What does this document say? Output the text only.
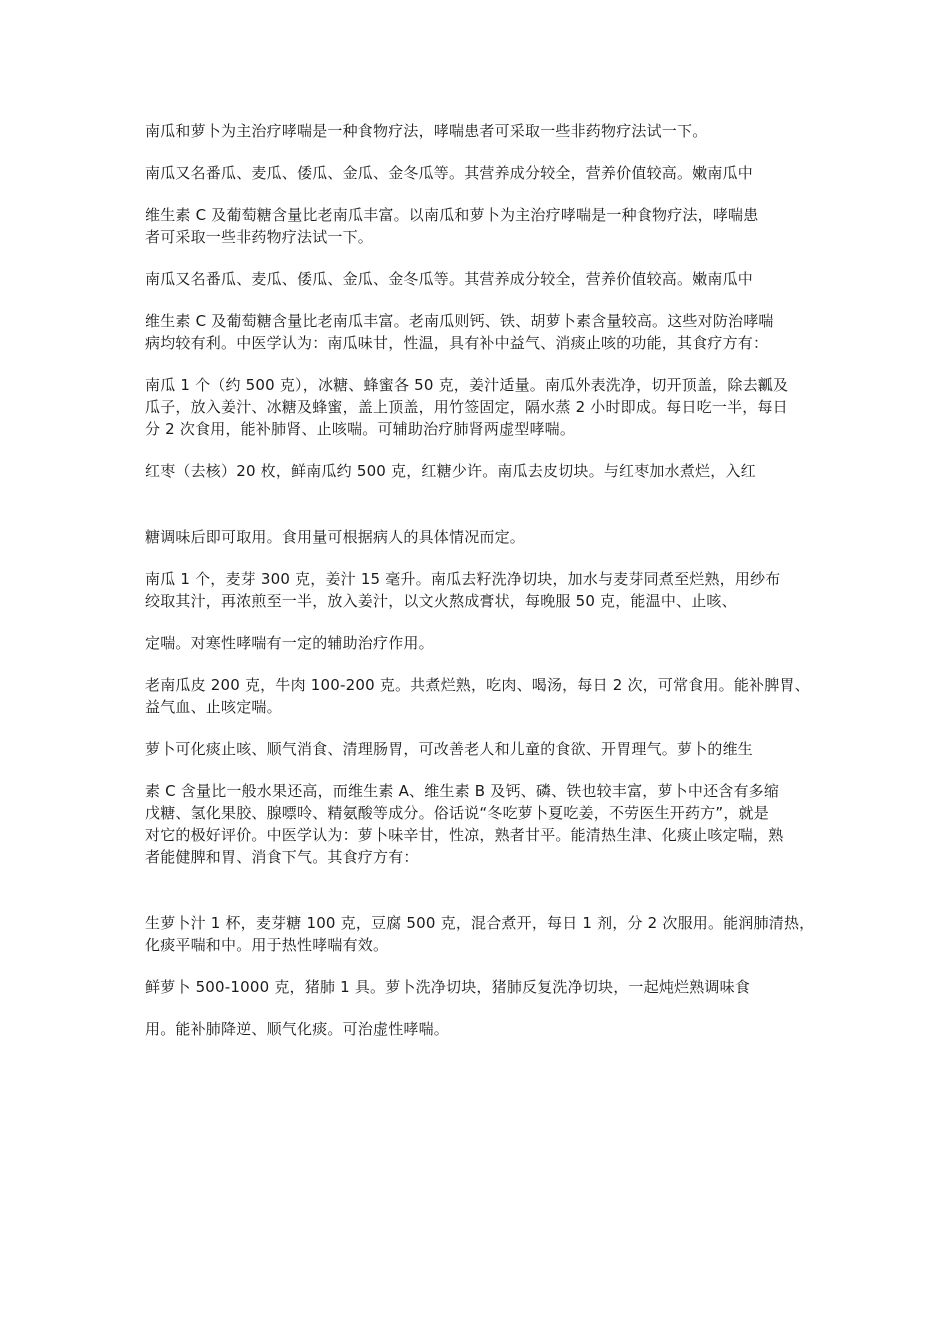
南瓜和萝卜为主治疗哮喘是一种食物疗法，哮喘患者可采取一些非药物疗法试一下。

南瓜又名番瓜、麦瓜、倭瓜、金瓜、金冬瓜等。其营养成分较全，营养价值较高。嫩南瓜中

维生素 C 及葡萄糖含量比老南瓜丰富。以南瓜和萝卜为主治疗哮喘是一种食物疗法，哮喘患
者可采取一些非药物疗法试一下。

南瓜又名番瓜、麦瓜、倭瓜、金瓜、金冬瓜等。其营养成分较全，营养价值较高。嫩南瓜中

维生素 C 及葡萄糖含量比老南瓜丰富。老南瓜则钙、铁、胡萝卜素含量较高。这些对防治哮喘
病均较有利。中医学认为：南瓜味甘，性温，具有补中益气、消痰止咳的功能，其食疗方有：

南瓜 1 个（约 500 克），冰糖、蜂蜜各 50 克，姜汁适量。南瓜外表洗净，切开顶盖，除去瓤及
瓜子，放入姜汁、冰糖及蜂蜜，盖上顶盖，用竹签固定，隔水蒸 2 小时即成。每日吃一半，每日
分 2 次食用，能补肺肾、止咳喘。可辅助治疗肺肾两虚型哮喘。

红枣（去核）20 枚，鲜南瓜约 500 克，红糖少许。南瓜去皮切块。与红枣加水煮烂，入红

糖调味后即可取用。食用量可根据病人的具体情况而定。

南瓜 1 个，麦芽 300 克，姜汁 15 毫升。南瓜去籽洗净切块，加水与麦芽同煮至烂熟，用纱布
绞取其汁，再浓煎至一半，放入姜汁，以文火熬成膏状，每晚服 50 克，能温中、止咳、

定喘。对寒性哮喘有一定的辅助治疗作用。

老南瓜皮 200 克，牛肉 100-200 克。共煮烂熟，吃肉、喝汤，每日 2 次，可常食用。能补脾胃、
益气血、止咳定喘。

萝卜可化痰止咳、顺气消食、清理肠胃，可改善老人和儿童的食欲、开胃理气。萝卜的维生

素 C 含量比一般水果还高，而维生素 A、维生素 B 及钙、磷、铁也较丰富，萝卜中还含有多缩
戊糖、氢化果胶、腺嘌呤、精氨酸等成分。俗话说“冬吃萝卜夏吃姜，不劳医生开药方”，就是
对它的极好评价。中医学认为：萝卜味辛甘，性凉，熟者甘平。能清热生津、化痰止咳定喘，熟
者能健脾和胃、消食下气。其食疗方有：

生萝卜汁 1 杯，麦芽糖 100 克，豆腐 500 克，混合煮开，每日 1 剂，分 2 次服用。能润肺清热，
化痰平喘和中。用于热性哮喘有效。

鲜萝卜 500-1000 克，猪肺 1 具。萝卜洗净切块，猪肺反复洗净切块，一起炖烂熟调味食

用。能补肺降逆、顺气化痰。可治虚性哮喘。
